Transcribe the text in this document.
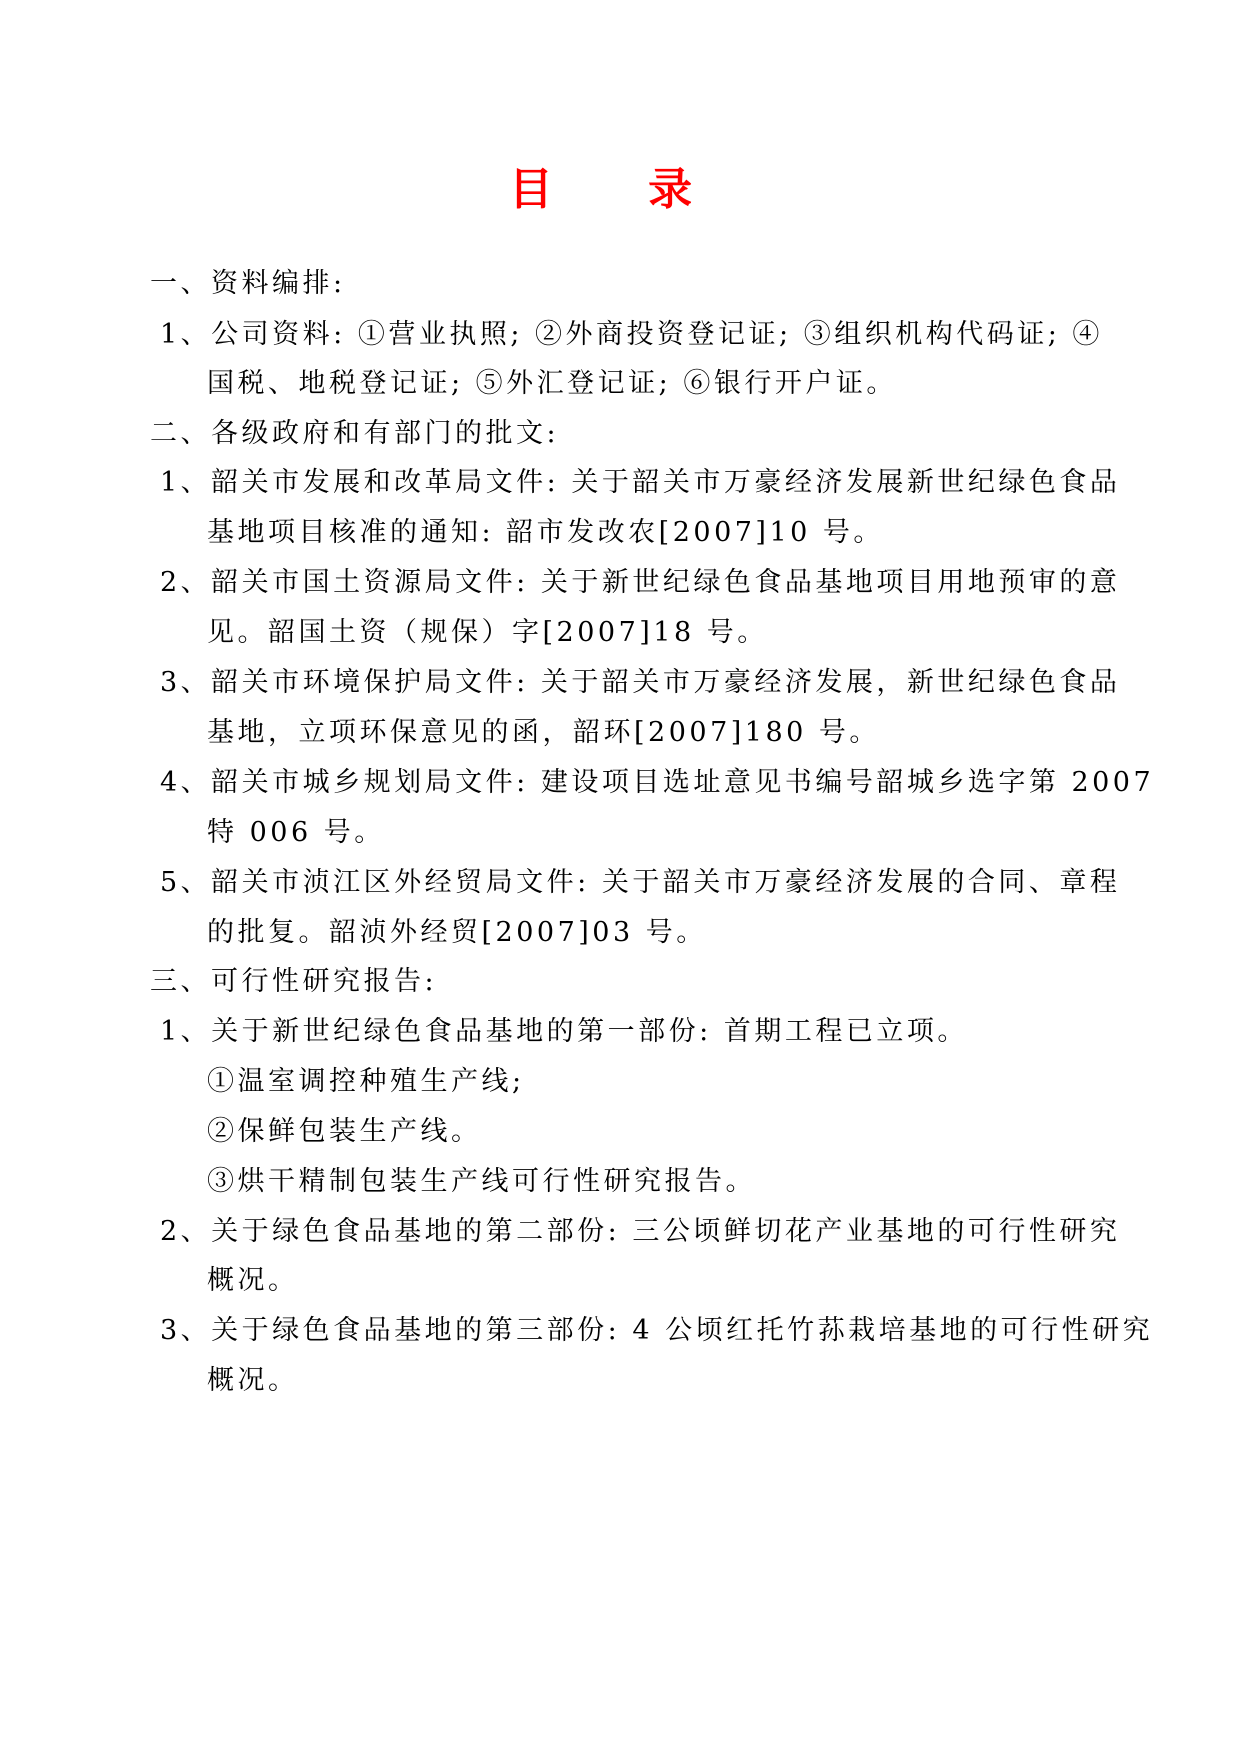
目 录
一、资料编排:
1、公司资料: ①营业执照; ②外商投资登记证; ③组织机构代码证; ④
国税、地税登记证; ⑤外汇登记证; ⑥银行开户证。
二、各级政府和有部门的批文:
1、韶关市发展和改革局文件: 关于韶关市万豪经济发展新世纪绿色食品
基地项目核准的通知: 韶市发改农[2007]10 号。
2、韶关市国土资源局文件: 关于新世纪绿色食品基地项目用地预审的意
见。韶国土资（规保）字[2007]18 号。
3、韶关市环境保护局文件: 关于韶关市万豪经济发展，新世纪绿色食品
基地，立项环保意见的函，韶环[2007]180 号。
4、韶关市城乡规划局文件: 建设项目选址意见书编号韶城乡选字第 2007
特 006 号。
5、韶关市浈江区外经贸局文件: 关于韶关市万豪经济发展的合同、章程
的批复。韶浈外经贸[2007]03 号。
三、可行性研究报告:
1、关于新世纪绿色食品基地的第一部份: 首期工程已立项。
①温室调控种殖生产线;
②保鲜包装生产线。
③烘干精制包装生产线可行性研究报告。
2、关于绿色食品基地的第二部份: 三公顷鲜切花产业基地的可行性研究
概况。
3、关于绿色食品基地的第三部份: 4 公顷红托竹荪栽培基地的可行性研究
概况。
